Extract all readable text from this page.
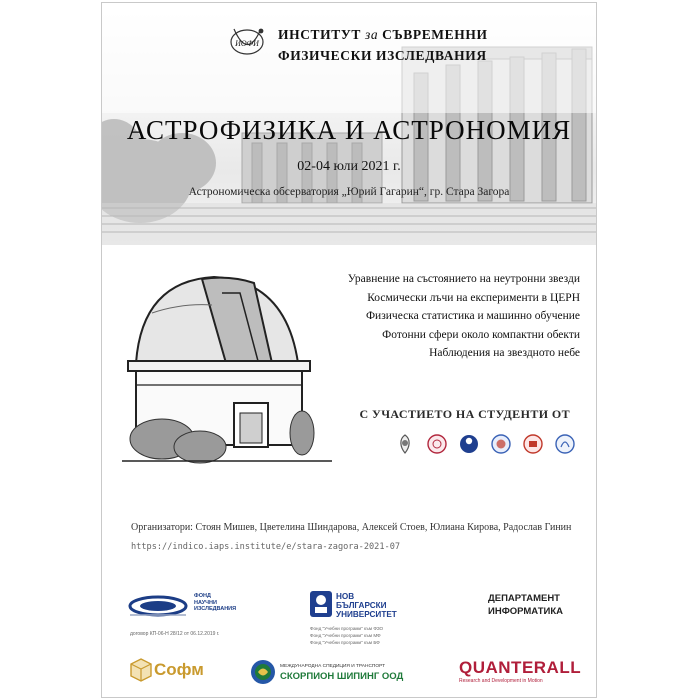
ИОФИ
ИНСТИТУТ за СЪВРЕМЕННИ
ФИЗИЧЕСКИ ИЗСЛЕДВАНИЯ
АСТРОФИЗИКА И АСТРОНОМИЯ
02-04 юли 2021 г.
Астрономическа обсерватория „Юрий Гагарин“, гр. Стара Загора
Уравнение на състоянието на неутронни звезди
Космически лъчи на експерименти в ЦЕРН
Физическа статистика и машинно обучение
Фотонни сфери около компактни обекти
Наблюдения на звездното небе
С УЧАСТИЕТО НА СТУДЕНТИ ОТ
Организатори: Стоян Мишев, Цветелина Шиндарова, Алексей Стоев, Юлиана Кирова, Радослав Гинин
https://indico.iaps.institute/e/stara-zagora-2021-07
ФОНД
НАУЧНИ
ИЗСЛЕДВАНИЯ
договор КП-06-Н 28/12 от 06.12.2019 г.
НОВ
БЪЛГАРСКИ
УНИВЕРСИТЕТ
Фонд "Учебни програми" към ФЗО
Фонд "Учебни програми" към МФ
Фонд "Учебни програми" към БФ
ДЕПАРТАМЕНТ
ИНФОРМАТИКА
Софм	МЕЖДУНАРОДНА СПЕДИЦИЯ И ТРАНСПОРТ
СКОРПИОН ШИПИНГ ООД	QUANTERALL
Research and Development in Motion
